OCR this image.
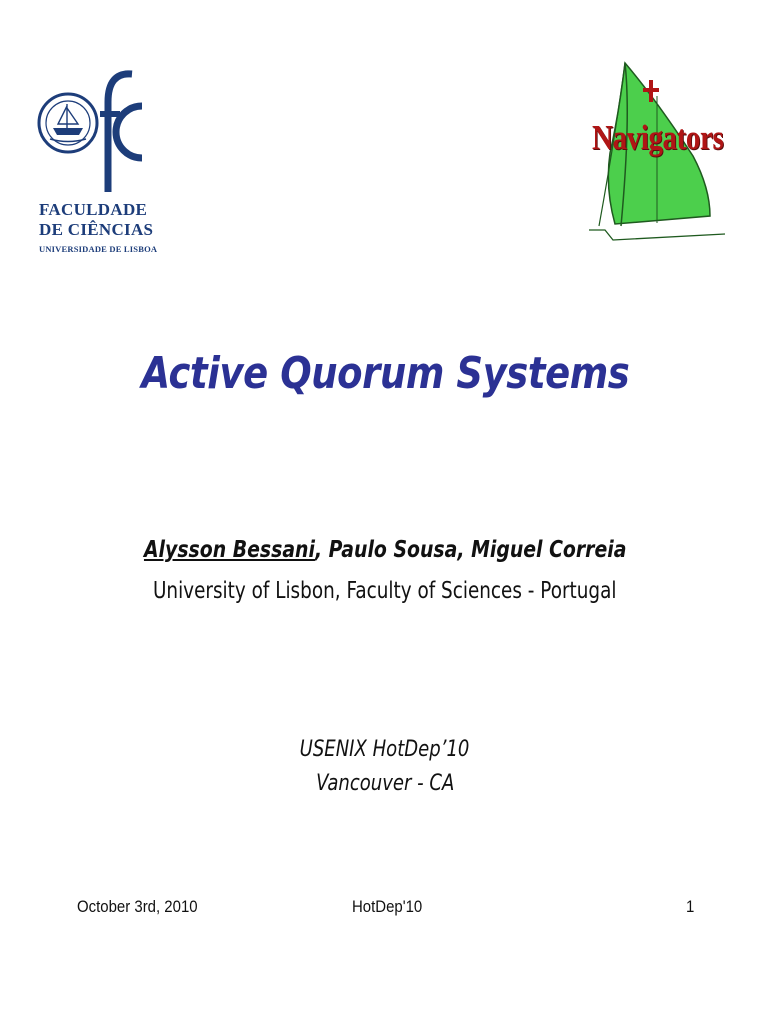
FACULDADE
DE CIÊNCIAS
UNIVERSIDADE DE LISBOA
Navigators
Active Quorum Systems
Alysson Bessani, Paulo Sousa, Miguel Correia
University of Lisbon, Faculty of Sciences - Portugal
USENIX HotDep’10
Vancouver - CA
October 3rd, 2010	HotDep'10	1
